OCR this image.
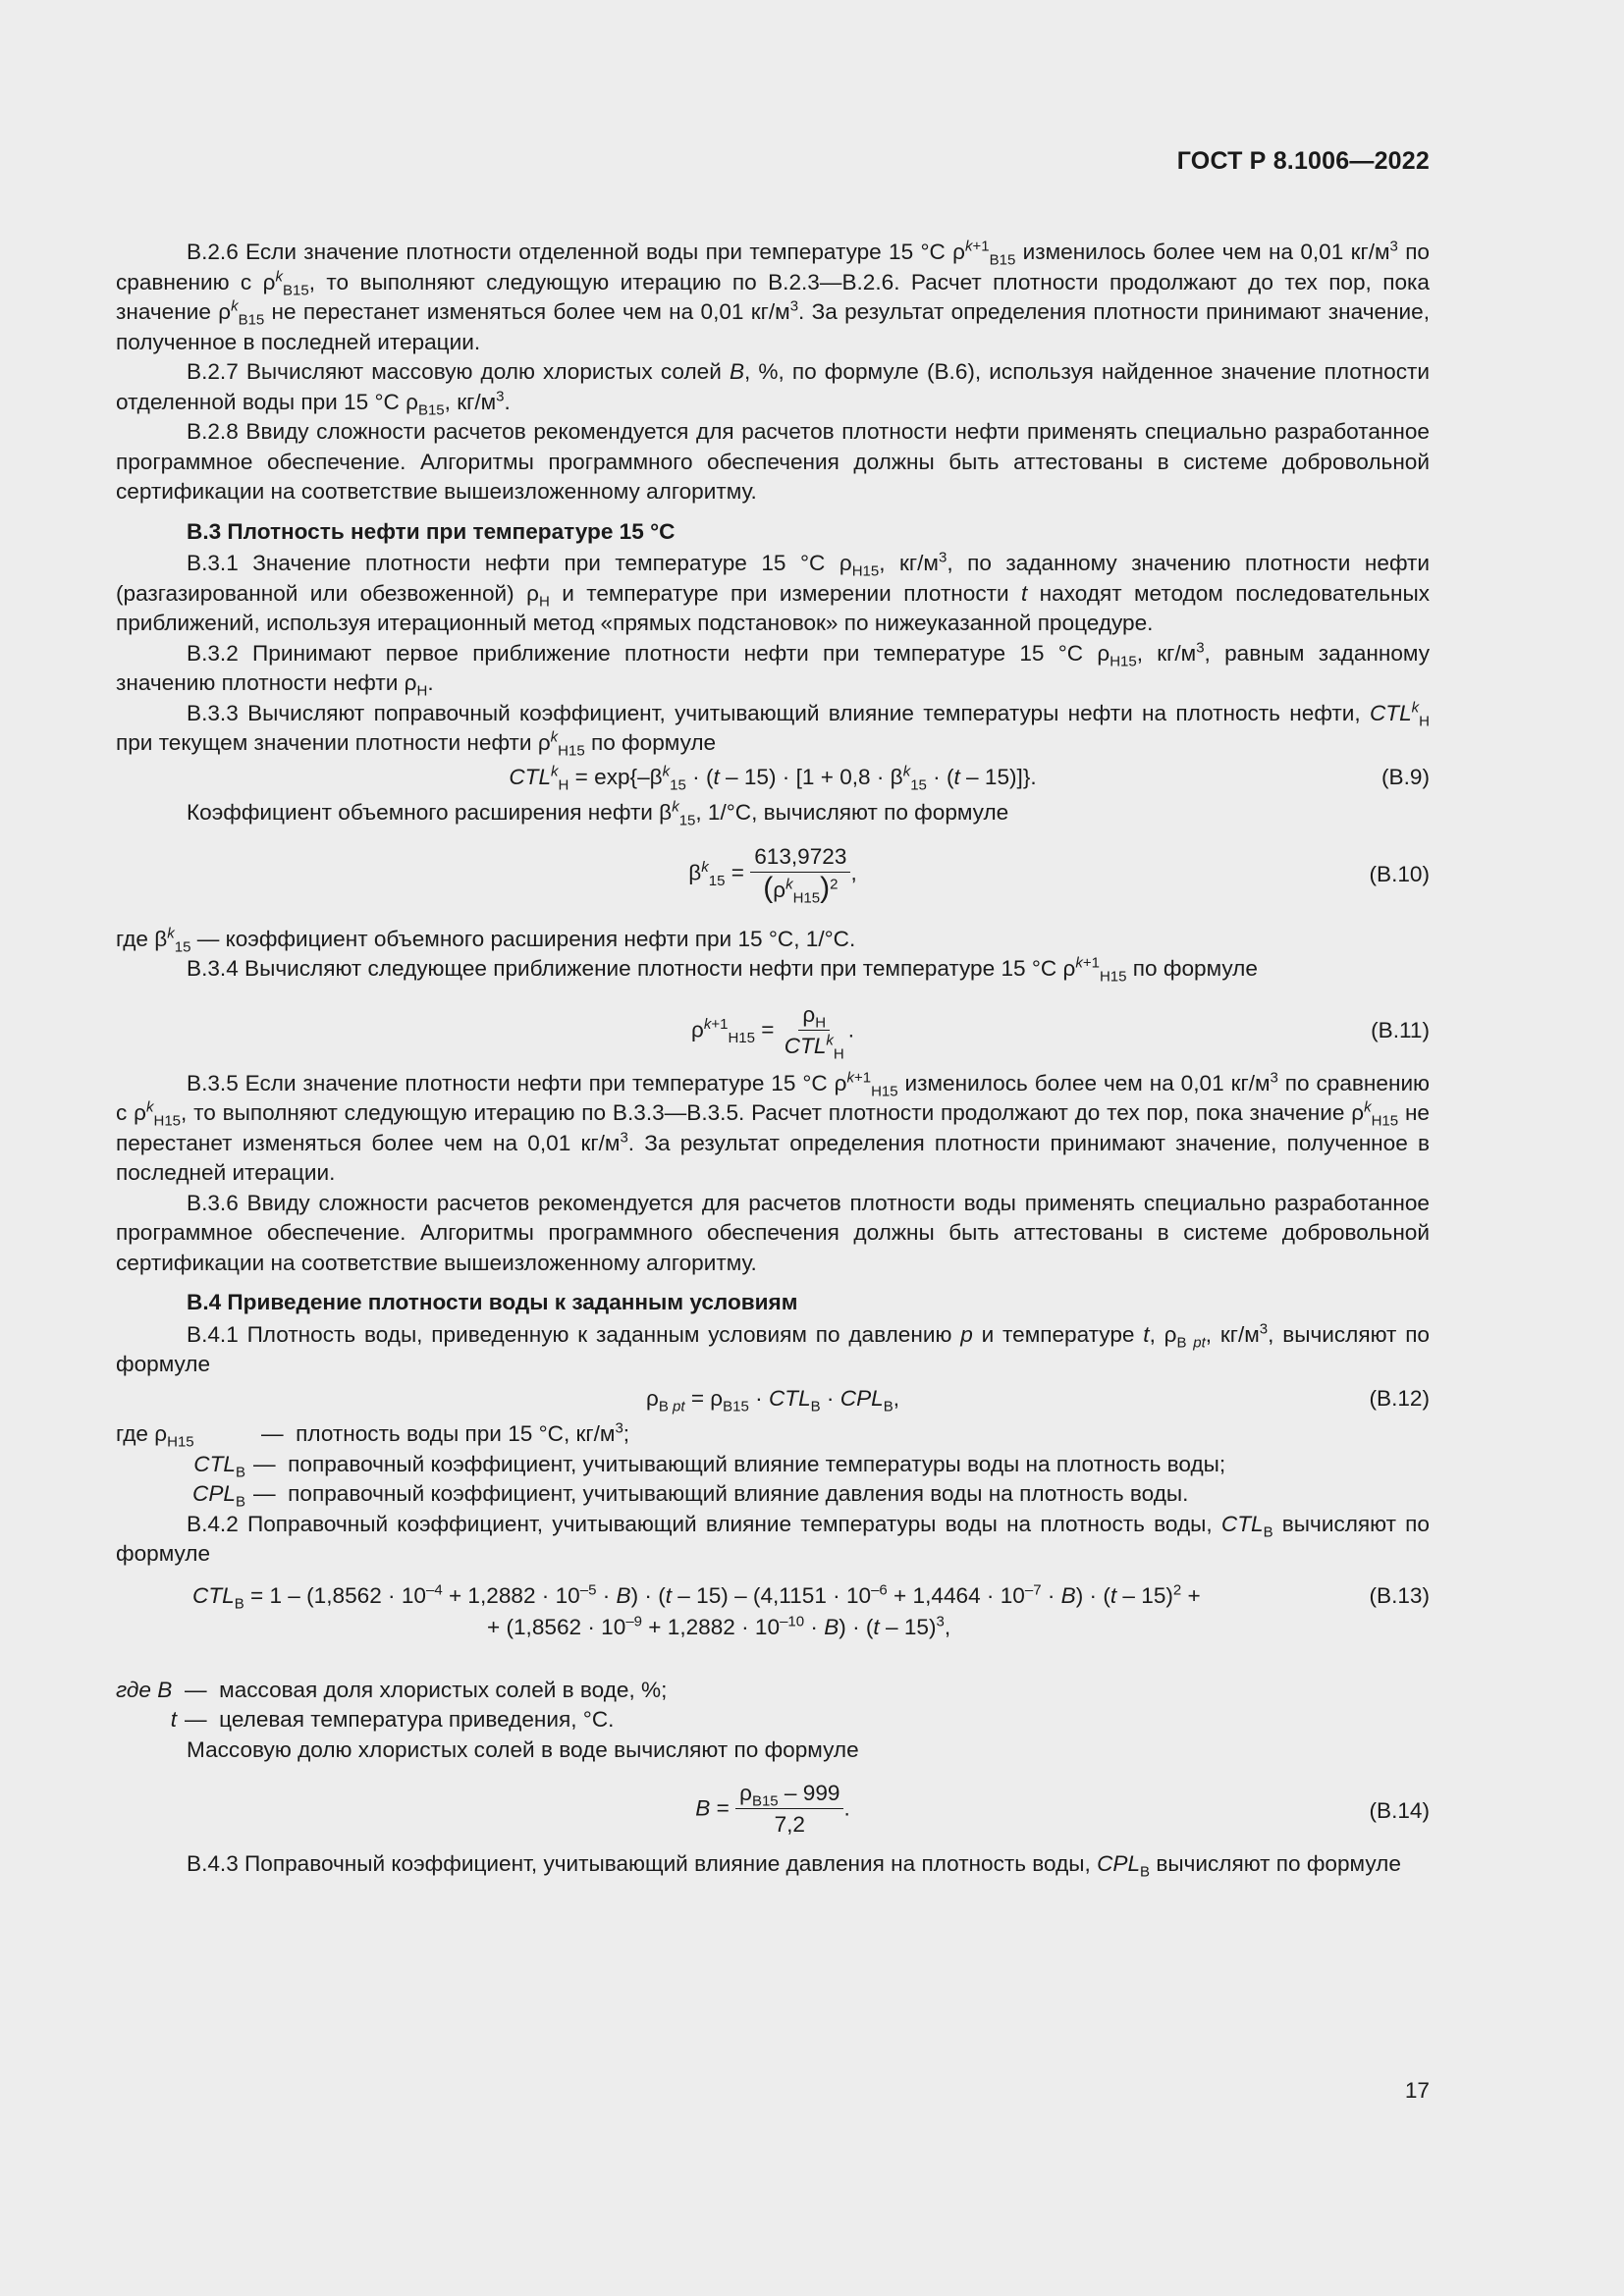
ГОСТ Р 8.1006—2022

В.2.6 Если значение плотности отделенной воды при температуре 15 °С $\rho^{k+1}_{В15}$ изменилось более чем на 0,01 $кг/м^3$ по сравнению с $\rho^k_{В15}$, то выполняют следующую итерацию по В.2.3—В.2.6. Расчет плотности продолжают до тех пор, пока значение $\rho^k_{В15}$ не перестанет изменяться более чем на 0,01 $кг/м^3$. За результат определения плотности принимают значение, полученное в последней итерации.

В.2.7 Вычисляют массовую долю хлористых солей B, %, по формуле (В.6), используя найденное значение плотности отделенной воды при 15 °С $\rho_{В15}$, $кг/м^3$.

В.2.8 Ввиду сложности расчетов рекомендуется для расчетов плотности нефти применять специально разработанное программное обеспечение. Алгоритмы программного обеспечения должны быть аттестованы в системе добровольной сертификации на соответствие вышеизложенному алгоритму.

В.3 Плотность нефти при температуре 15 °С

В.3.1 Значение плотности нефти при температуре 15 °С $\rho_{Н15}$, $кг/м^3$, по заданному значению плотности нефти (разгазированной или обезвоженной) $\rho_Н$ и температуре при измерении плотности t находят методом последовательных приближений, используя итерационный метод «прямых подстановок» по нижеуказанной процедуре.

В.3.2 Принимают первое приближение плотности нефти при температуре 15 °С $\rho_{Н15}$, $кг/м^3$, равным заданному значению плотности нефти $\rho_Н$.

В.3.3 Вычисляют поправочный коэффициент, учитывающий влияние температуры нефти на плотность нефти, $CTL^k_Н$ при текущем значении плотности нефти $\rho^k_{Н15}$ по формуле

$CTL^k_Н = \exp\{-\beta^k_{15} \cdot (t - 15) \cdot [1 + 0,8 \cdot \beta^k_{15} \cdot (t - 15)]\}$.	(В.9)

Коэффициент объемного расширения нефти $\beta^k_{15}$, 1/°С, вычисляют по формуле

$\beta^k_{15} = \frac{613,9723}{(\rho^k_{Н15})^2}$ ,	(В.10)

где $\beta^k_{15}$ — коэффициент объемного расширения нефти при 15 °С, 1/°С.

В.3.4 Вычисляют следующее приближение плотности нефти при температуре 15 °С $\rho^{k+1}_{Н15}$ по формуле

$\rho^{k+1}_{Н15} = \frac{\rho_Н}{CTL^k_Н}$ .	(В.11)

В.3.5 Если значение плотности нефти при температуре 15 °С $\rho^{k+1}_{Н15}$ изменилось более чем на 0,01 $кг/м^3$ по сравнению с $\rho^k_{Н15}$, то выполняют следующую итерацию по В.3.3—В.3.5. Расчет плотности продолжают до тех пор, пока значение $\rho^k_{Н15}$ не перестанет изменяться более чем на 0,01 $кг/м^3$. За результат определения плотности принимают значение, полученное в последней итерации.

В.3.6 Ввиду сложности расчетов рекомендуется для расчетов плотности воды применять специально разработанное программное обеспечение. Алгоритмы программного обеспечения должны быть аттестованы в системе добровольной сертификации на соответствие вышеизложенному алгоритму.

В.4 Приведение плотности воды к заданным условиям

В.4.1 Плотность воды, приведенную к заданным условиям по давлению p и температуре t, $\rho_{В pt}$, $кг/м^3$, вычисляют по формуле

$\rho_{В pt} = \rho_{В15} \cdot CTL_В \cdot CPL_В$,	(В.12)
где $\rho_{Н15}$	—  плотность воды при 15 °С, $кг/м^3$;
$CTL_В$ —  поправочный коэффициент, учитывающий влияние температуры воды на плотность воды;
$CPL_В$ —  поправочный коэффициент, учитывающий влияние давления воды на плотность воды.

В.4.2 Поправочный коэффициент, учитывающий влияние температуры воды на плотность воды, $CTL_В$ вычисляют по формуле

$CTL_В = 1 - (1,8562 \cdot 10^{-4} + 1,2882 \cdot 10^{-5} \cdot B) \cdot (t - 15) - (4,1151 \cdot 10^{-6} + 1,4464 \cdot 10^{-7} \cdot B) \cdot (t - 15)^2$ +
+ $(1,8562 \cdot 10^{-9} + 1,2882 \cdot 10^{-10} \cdot B) \cdot (t - 15)^3$,
(В.13)
где B —  массовая доля хлористых солей в воде, %;
t —  целевая температура приведения, °С.

Массовую долю хлористых солей в воде вычисляют по формуле

$B = \frac{\rho_{В15} - 999}{7,2}$ .	(В.14)

В.4.3 Поправочный коэффициент, учитывающий влияние давления на плотность воды, $CPL_В$ вычисляют по формуле

17
